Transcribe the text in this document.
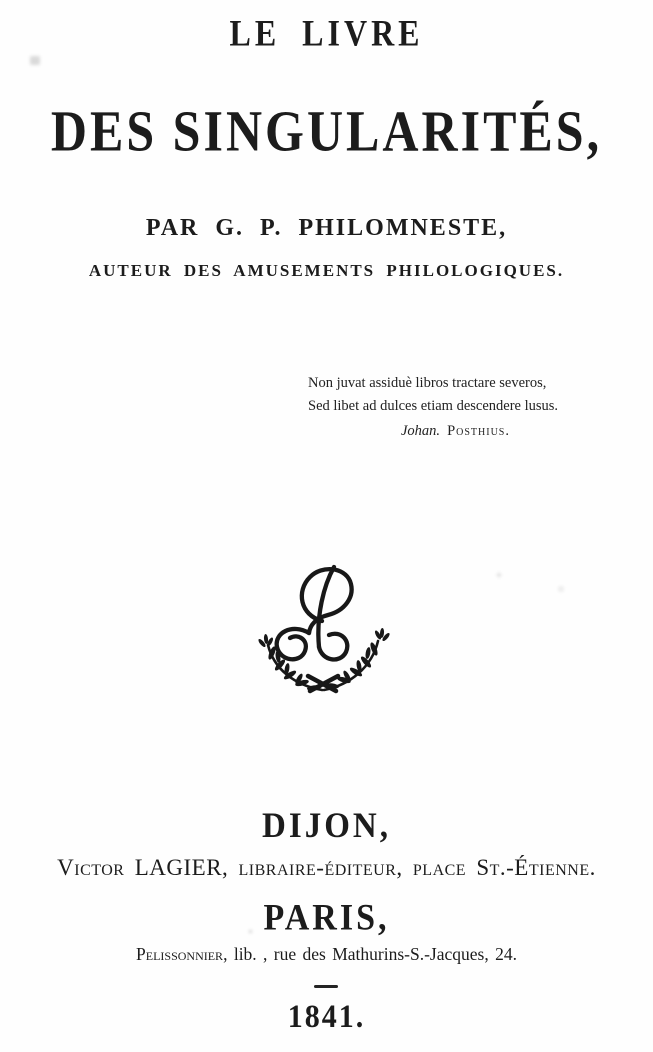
LE LIVRE
DES SINGULARITÉS,
PAR G. P. PHILOMNESTE,
AUTEUR DES AMUSEMENTS PHILOLOGIQUES.
Non juvat assiduè libros tractare severos,
Sed libet ad dulces etiam descendere lusus.
Johan. Posthius.
DIJON,
Victor LAGIER, libraire-éditeur, place St.-Étienne.
PARIS,
Pelissonnier, lib. , rue des Mathurins-S.-Jacques, 24.
1841.
